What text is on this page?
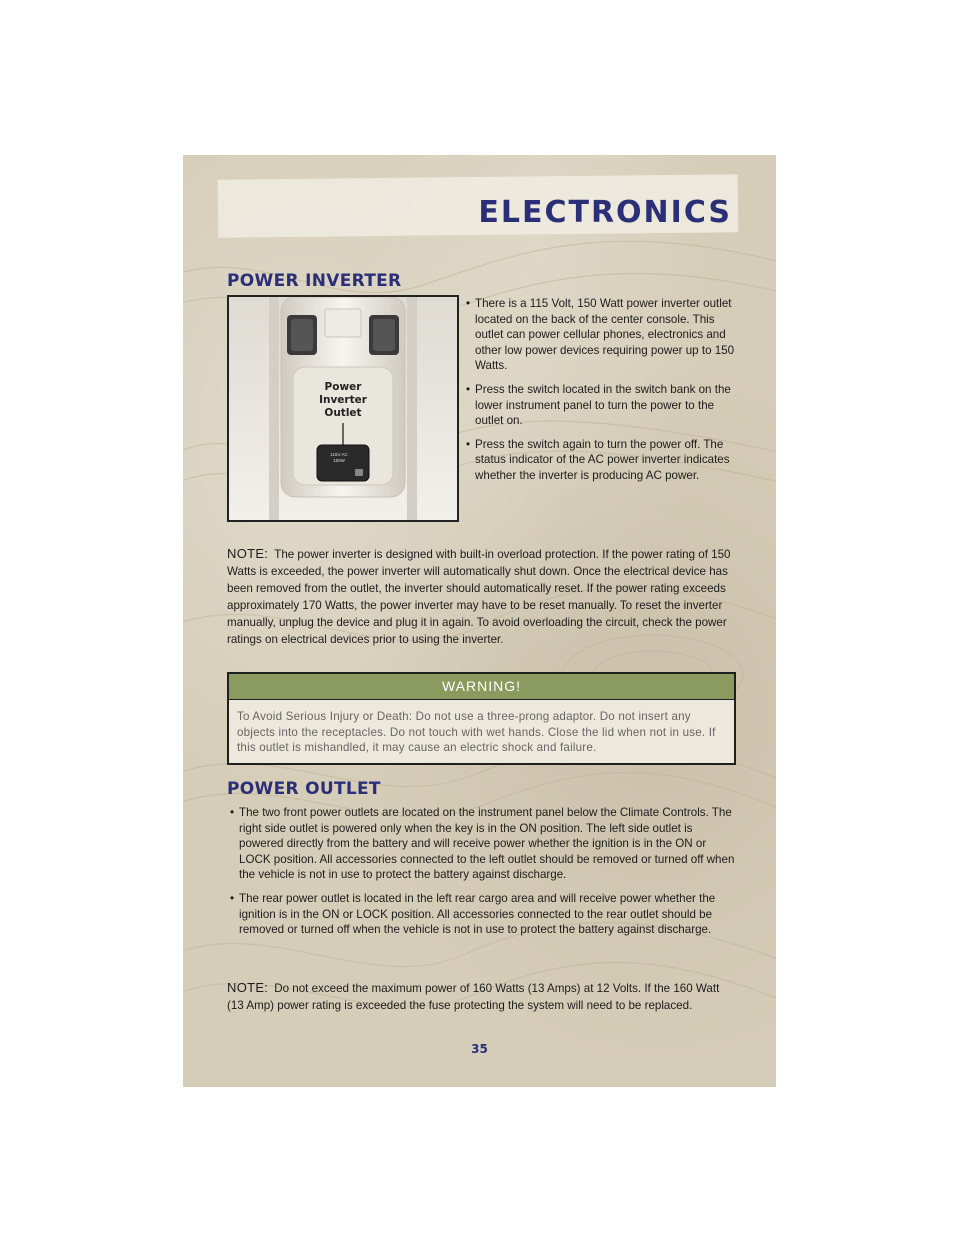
ELECTRONICS
POWER INVERTER
Power
Inverter
Outlet
115V AC
150W
• There is a 115 Volt, 150 Watt power inverter outlet located on the back of the center console. This outlet can power cellular phones, electronics and other low power devices requiring power up to 150 Watts.
• Press the switch located in the switch bank on the lower instrument panel to turn the power to the outlet on.
• Press the switch again to turn the power off. The status indicator of the AC power inverter indicates whether the inverter is producing AC power.

NOTE: The power inverter is designed with built-in overload protection. If the power rating of 150 Watts is exceeded, the power inverter will automatically shut down. Once the electrical device has been removed from the outlet, the inverter should automatically reset. If the power rating exceeds approximately 170 Watts, the power inverter may have to be reset manually. To reset the inverter manually, unplug the device and plug it in again. To avoid overloading the circuit, check the power ratings on electrical devices prior to using the inverter.

WARNING!
To Avoid Serious Injury or Death: Do not use a three-prong adaptor. Do not insert any objects into the receptacles. Do not touch with wet hands. Close the lid when not in use. If this outlet is mishandled, it may cause an electric shock and failure.
POWER OUTLET
• The two front power outlets are located on the instrument panel below the Climate Controls. The right side outlet is powered only when the key is in the ON position. The left side outlet is powered directly from the battery and will receive power whether the ignition is in the ON or LOCK position. All accessories connected to the left outlet should be removed or turned off when the vehicle is not in use to protect the battery against discharge.
• The rear power outlet is located in the left rear cargo area and will receive power whether the ignition is in the ON or LOCK position. All accessories connected to the rear outlet should be removed or turned off when the vehicle is not in use to protect the battery against discharge.

NOTE: Do not exceed the maximum power of 160 Watts (13 Amps) at 12 Volts. If the 160 Watt (13 Amp) power rating is exceeded the fuse protecting the system will need to be replaced.

35
